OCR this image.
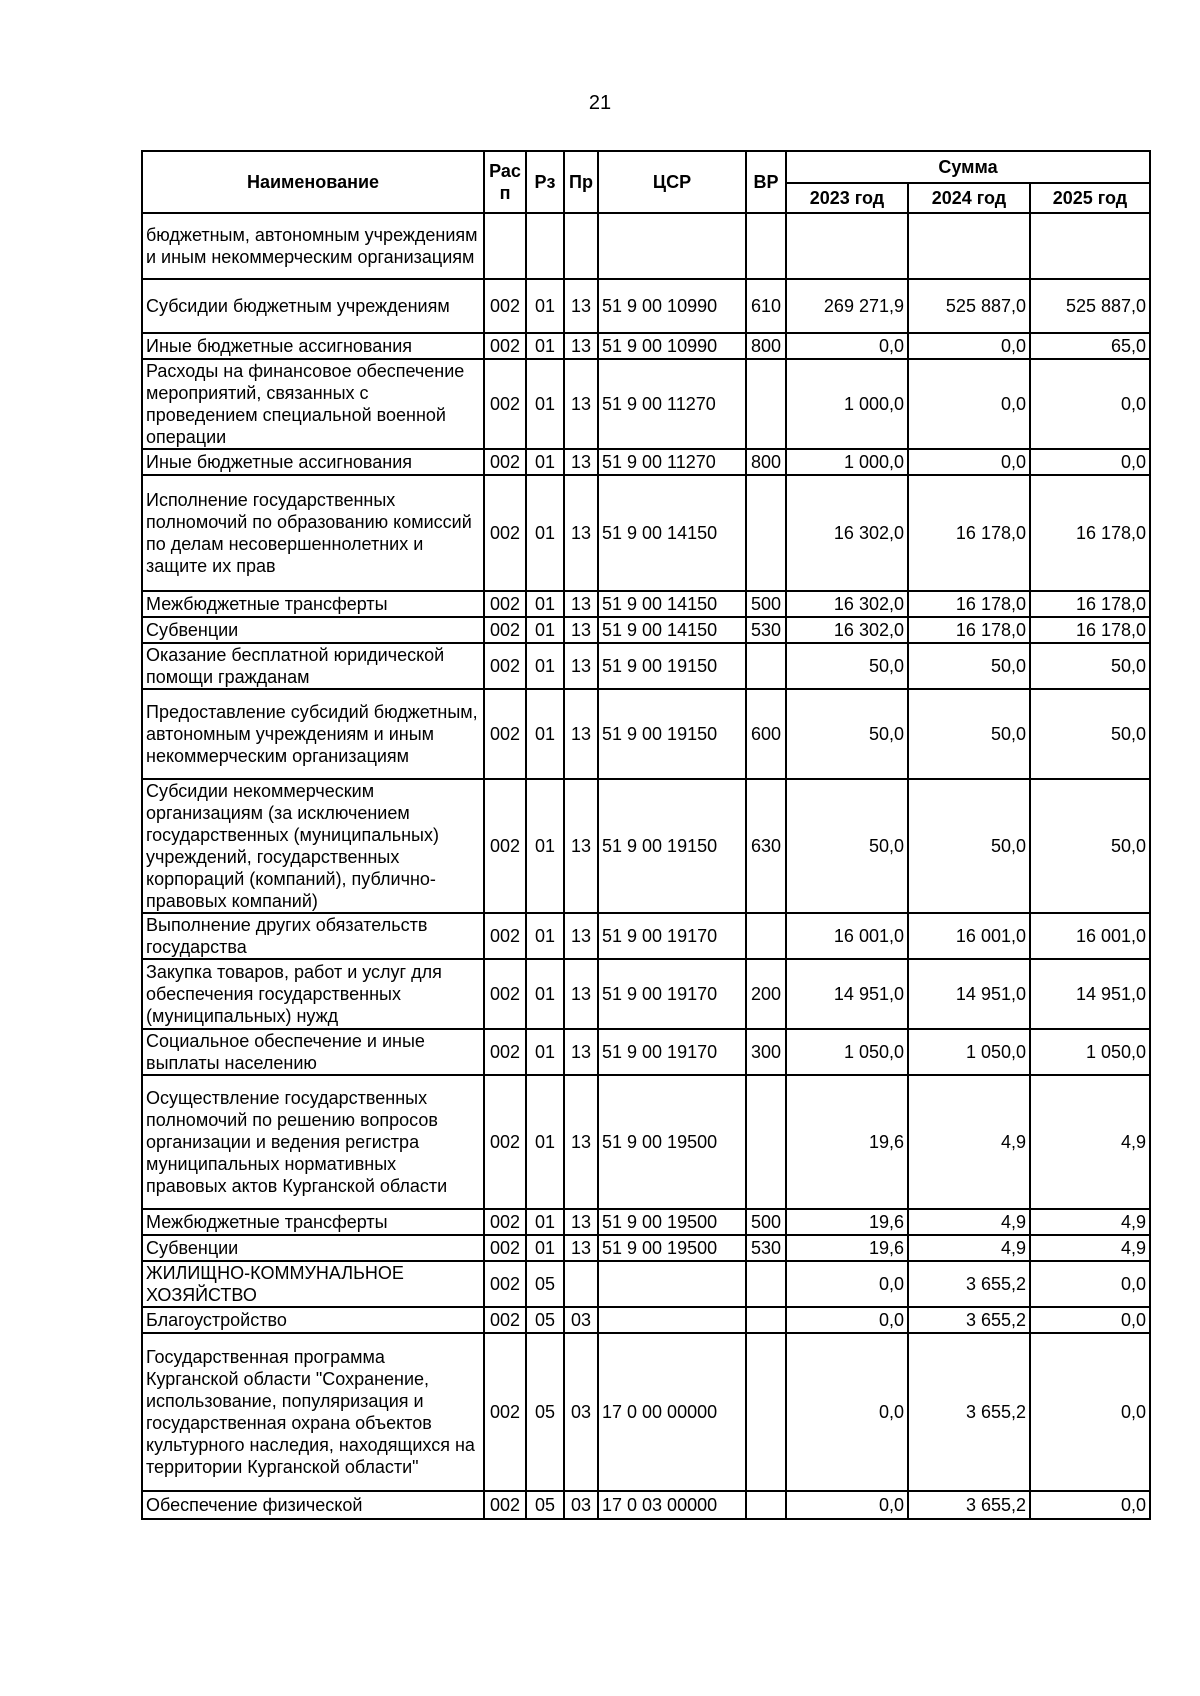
21
Наименование	Рас п	Рз	Пр	ЦСР	ВР	Сумма		
						2023 год	2024 год	2025 год
бюджетным, автономным учреждениям и иным некоммерческим организациям								
Субсидии бюджетным учреждениям	002	01	13	51 9 00 10990	610	269 271,9	525 887,0	525 887,0
Иные бюджетные ассигнования	002	01	13	51 9 00 10990	800	0,0	0,0	65,0
Расходы на финансовое обеспечение мероприятий, связанных с проведением специальной военной операции	002	01	13	51 9 00 11270		1 000,0	0,0	0,0
Иные бюджетные ассигнования	002	01	13	51 9 00 11270	800	1 000,0	0,0	0,0
Исполнение государственных полномочий по образованию комиссий по делам несовершеннолетних и защите их прав	002	01	13	51 9 00 14150		16 302,0	16 178,0	16 178,0
Межбюджетные трансферты	002	01	13	51 9 00 14150	500	16 302,0	16 178,0	16 178,0
Субвенции	002	01	13	51 9 00 14150	530	16 302,0	16 178,0	16 178,0
Оказание бесплатной юридической помощи гражданам	002	01	13	51 9 00 19150		50,0	50,0	50,0
Предоставление субсидий бюджетным, автономным учреждениям и иным некоммерческим организациям	002	01	13	51 9 00 19150	600	50,0	50,0	50,0
Субсидии некоммерческим организациям (за исключением государственных (муниципальных) учреждений, государственных корпораций (компаний), публично-правовых компаний)	002	01	13	51 9 00 19150	630	50,0	50,0	50,0
Выполнение других обязательств государства	002	01	13	51 9 00 19170		16 001,0	16 001,0	16 001,0
Закупка товаров, работ и услуг для обеспечения государственных (муниципальных) нужд	002	01	13	51 9 00 19170	200	14 951,0	14 951,0	14 951,0
Социальное обеспечение и иные выплаты населению	002	01	13	51 9 00 19170	300	1 050,0	1 050,0	1 050,0
Осуществление государственных полномочий по решению вопросов организации и ведения регистра муниципальных нормативных правовых актов Курганской области	002	01	13	51 9 00 19500		19,6	4,9	4,9
Межбюджетные трансферты	002	01	13	51 9 00 19500	500	19,6	4,9	4,9
Субвенции	002	01	13	51 9 00 19500	530	19,6	4,9	4,9
ЖИЛИЩНО-КОММУНАЛЬНОЕ ХОЗЯЙСТВО	002	05				0,0	3 655,2	0,0
Благоустройство	002	05	03			0,0	3 655,2	0,0
Государственная программа Курганской области "Сохранение, использование, популяризация и государственная охрана объектов культурного наследия, находящихся на территории Курганской области"	002	05	03	17 0 00 00000		0,0	3 655,2	0,0
Обеспечение физической	002	05	03	17 0 03 00000		0,0	3 655,2	0,0
